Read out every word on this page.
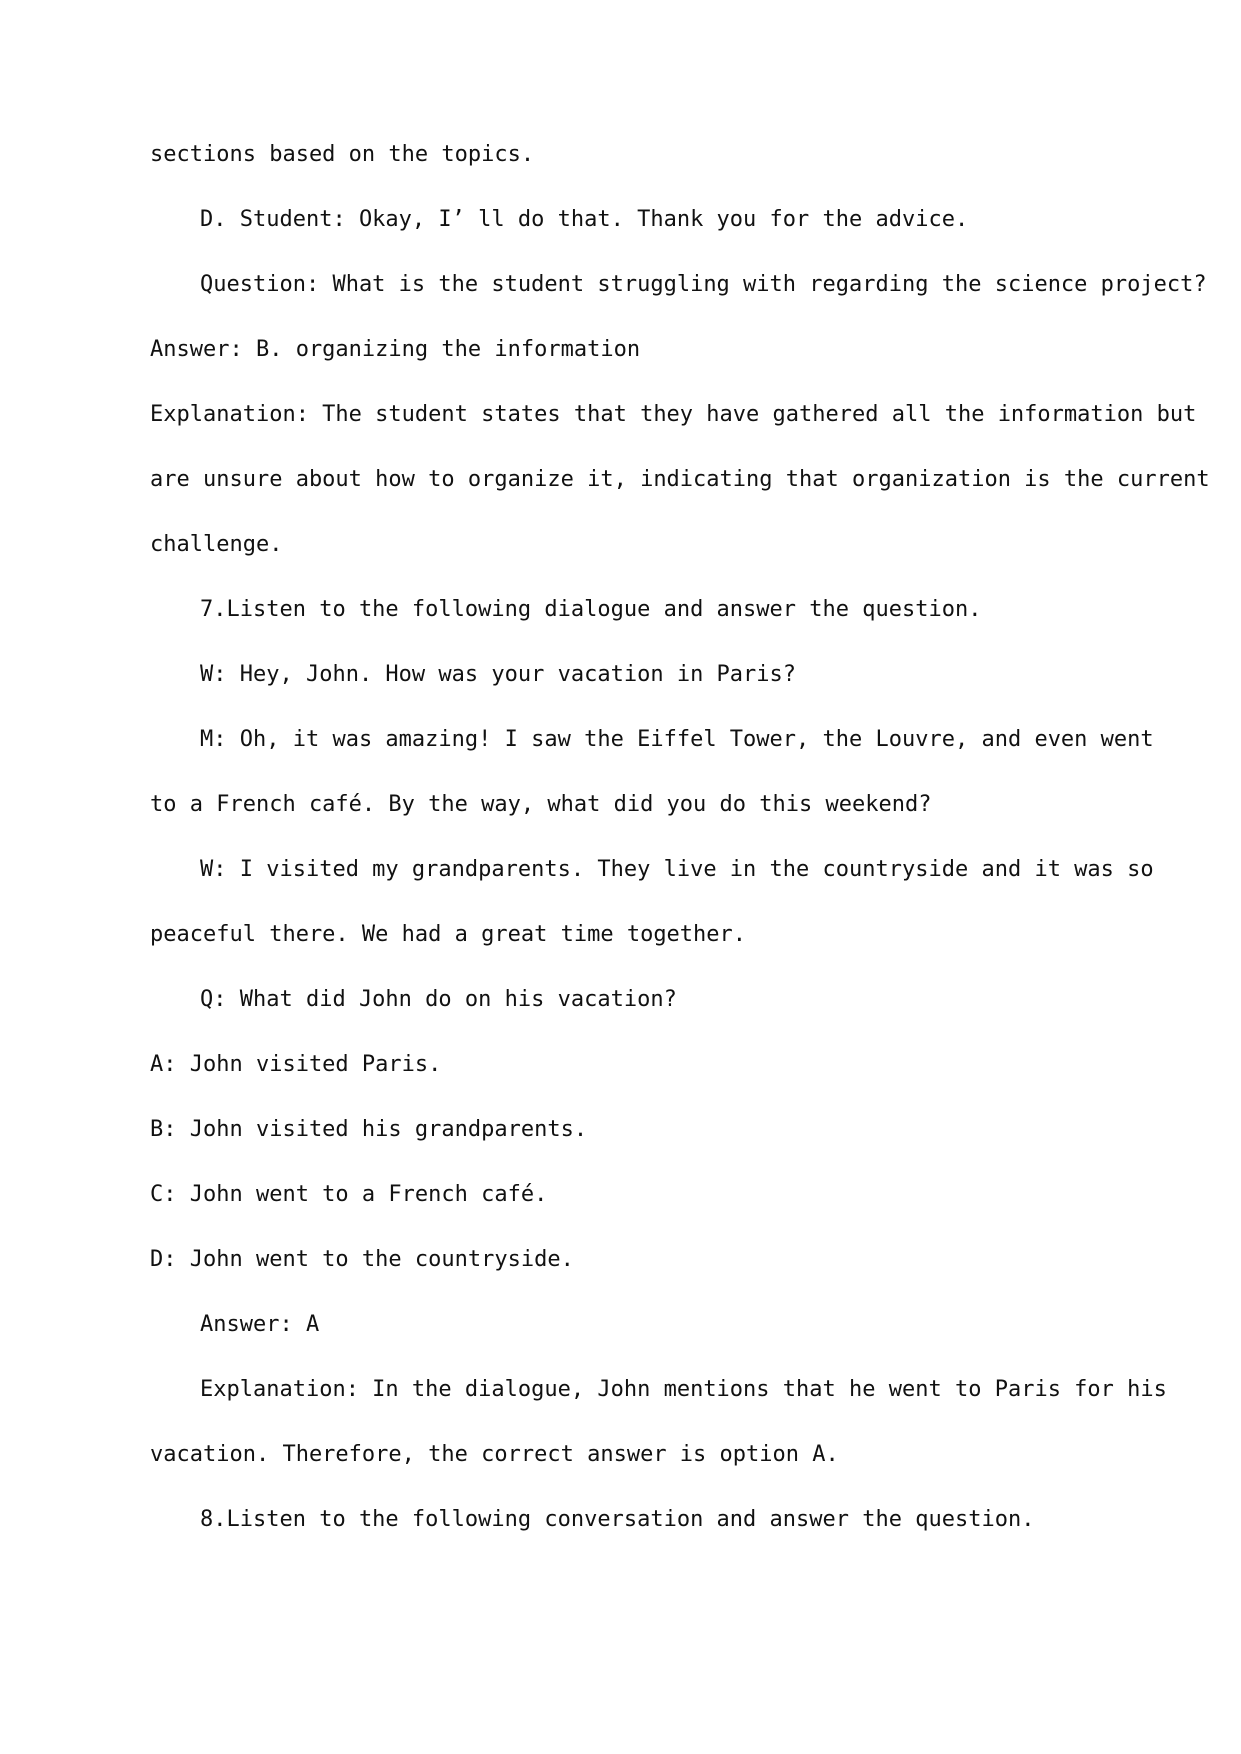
sections based on the topics.
D. Student: Okay, I’ ll do that. Thank you for the advice.
Question: What is the student struggling with regarding the science project?
Answer: B. organizing the information
Explanation: The student states that they have gathered all the information but
are unsure about how to organize it, indicating that organization is the current
challenge.
7.Listen to the following dialogue and answer the question.
W: Hey, John. How was your vacation in Paris?
M: Oh, it was amazing! I saw the Eiffel Tower, the Louvre, and even went
to a French café. By the way, what did you do this weekend?
W: I visited my grandparents. They live in the countryside and it was so
peaceful there. We had a great time together.
Q: What did John do on his vacation?
A: John visited Paris.
B: John visited his grandparents.
C: John went to a French café.
D: John went to the countryside.
Answer: A
Explanation: In the dialogue, John mentions that he went to Paris for his
vacation. Therefore, the correct answer is option A.
8.Listen to the following conversation and answer the question.
